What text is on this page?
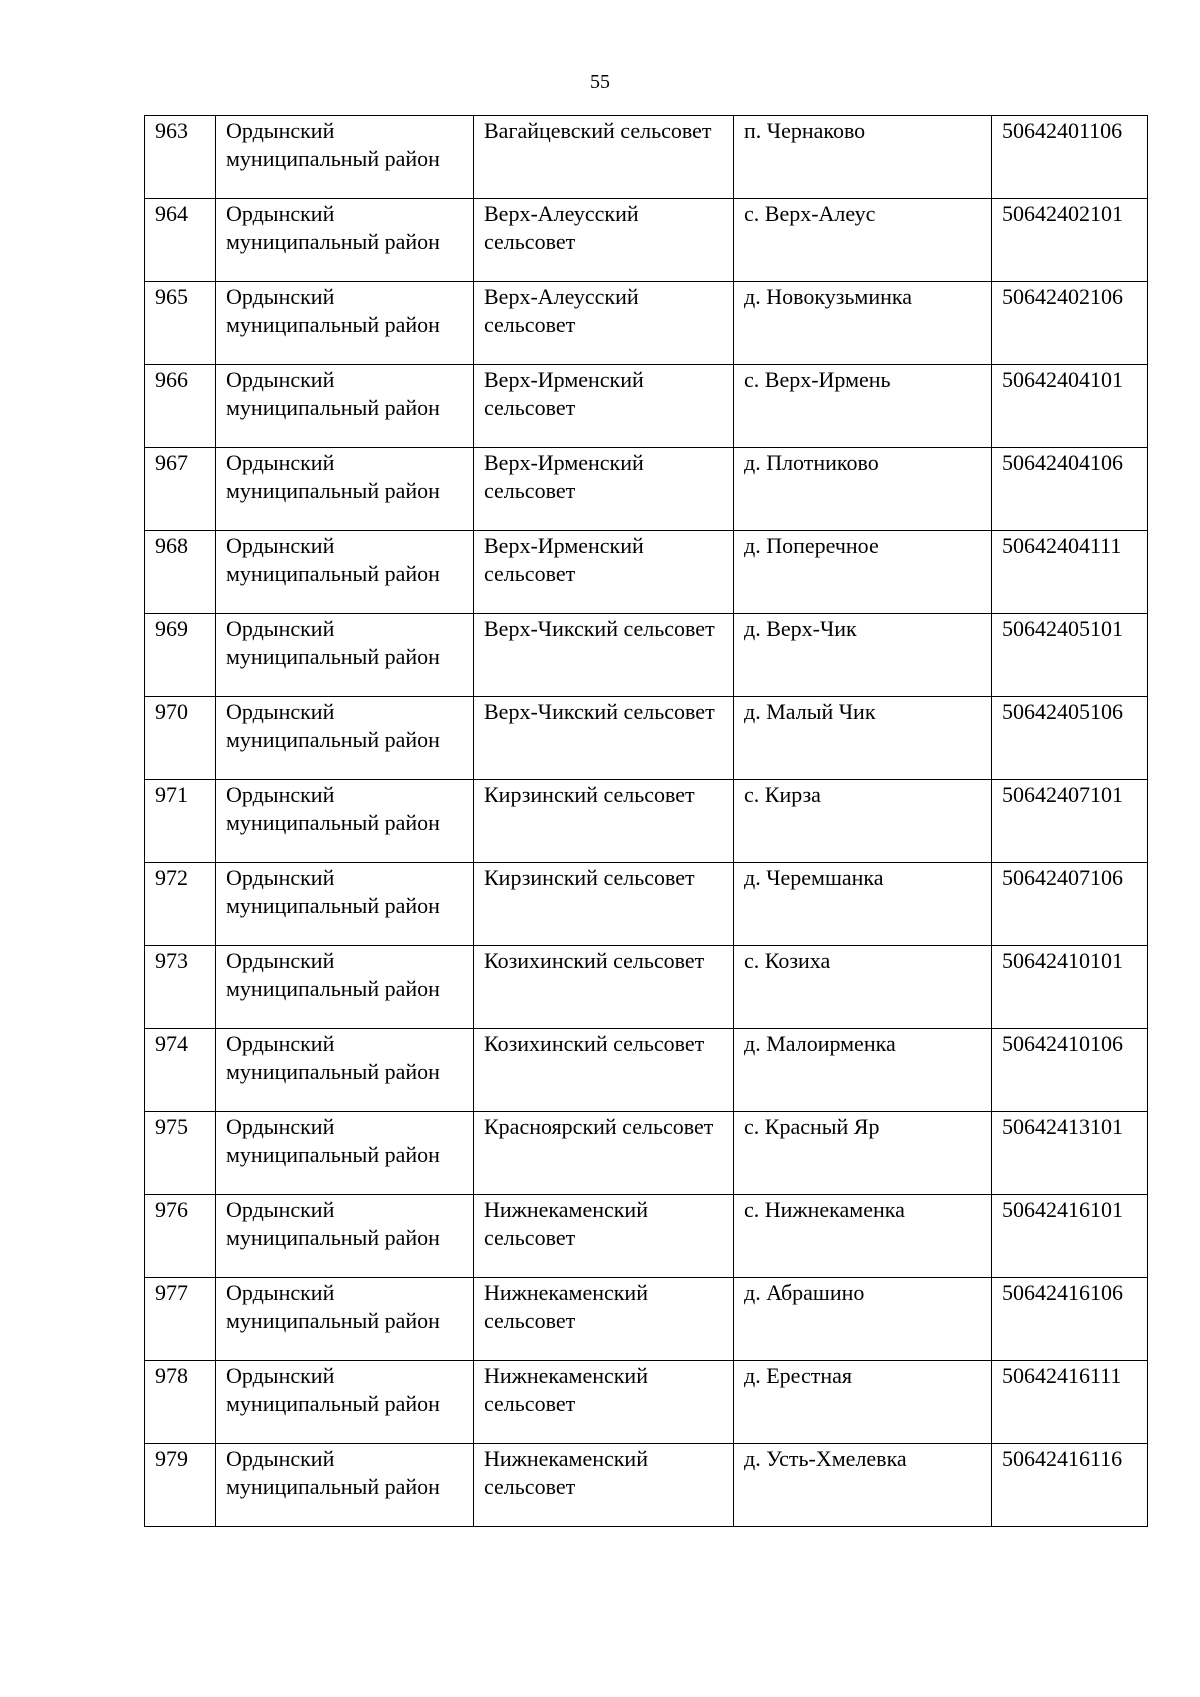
55
963	Ордынский муниципальный район	Вагайцевский сельсовет	п. Чернаково	50642401106
964	Ордынский муниципальный район	Верх-Алеусский сельсовет	с. Верх-Алеус	50642402101
965	Ордынский муниципальный район	Верх-Алеусский сельсовет	д. Новокузьминка	50642402106
966	Ордынский муниципальный район	Верх-Ирменский сельсовет	с. Верх-Ирмень	50642404101
967	Ордынский муниципальный район	Верх-Ирменский сельсовет	д. Плотниково	50642404106
968	Ордынский муниципальный район	Верх-Ирменский сельсовет	д. Поперечное	50642404111
969	Ордынский муниципальный район	Верх-Чикский сельсовет	д. Верх-Чик	50642405101
970	Ордынский муниципальный район	Верх-Чикский сельсовет	д. Малый Чик	50642405106
971	Ордынский муниципальный район	Кирзинский сельсовет	с. Кирза	50642407101
972	Ордынский муниципальный район	Кирзинский сельсовет	д. Черемшанка	50642407106
973	Ордынский муниципальный район	Козихинский сельсовет	с. Козиха	50642410101
974	Ордынский муниципальный район	Козихинский сельсовет	д. Малоирменка	50642410106
975	Ордынский муниципальный район	Красноярский сельсовет	с. Красный Яр	50642413101
976	Ордынский муниципальный район	Нижнекаменский сельсовет	с. Нижнекаменка	50642416101
977	Ордынский муниципальный район	Нижнекаменский сельсовет	д. Абрашино	50642416106
978	Ордынский муниципальный район	Нижнекаменский сельсовет	д. Ерестная	50642416111
979	Ордынский муниципальный район	Нижнекаменский сельсовет	д. Усть-Хмелевка	50642416116
